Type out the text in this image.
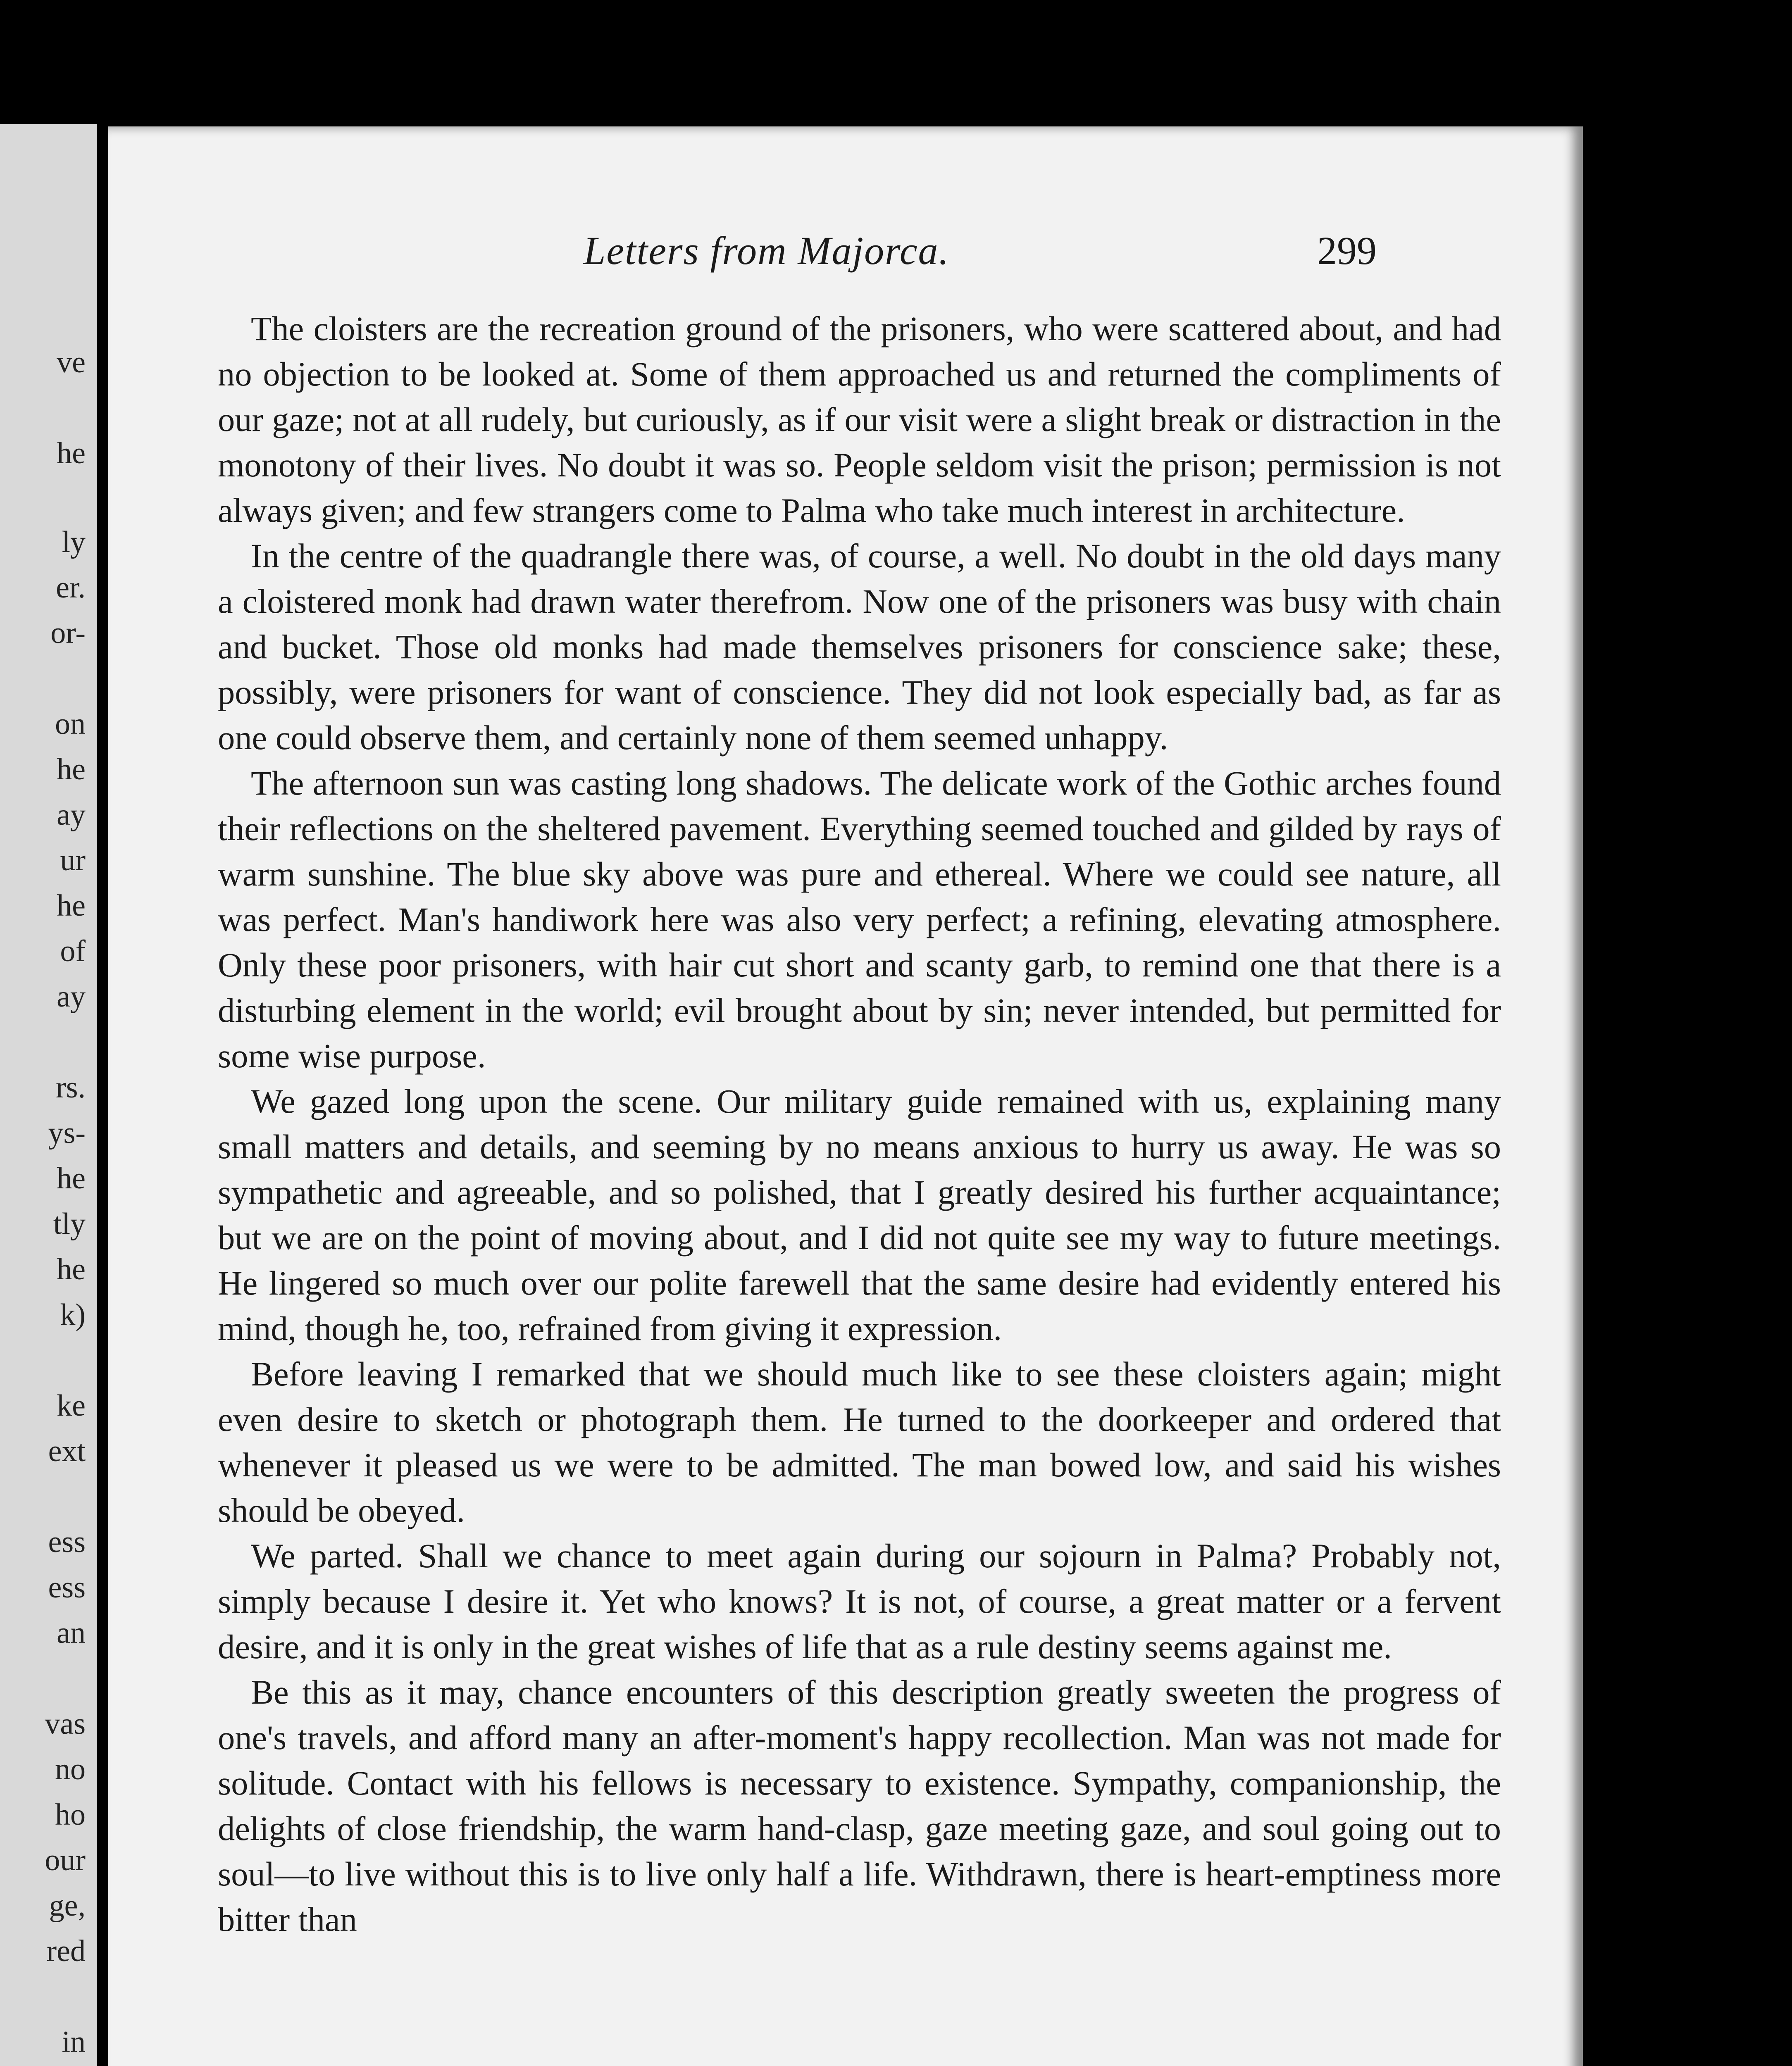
ve
he
ly
er.
or-
on
he
ay
ur
he
of
ay
rs.
ys-
he
tly
he
k)
ke
ext
ess
ess
an
vas
no
ho
our
ge,
red
in
Letters from Majorca.	299

The cloisters are the recreation ground of the prisoners, who were scattered about, and had no objection to be looked at. Some of them approached us and returned the compliments of our gaze; not at all rudely, but curiously, as if our visit were a slight break or distraction in the monotony of their lives. No doubt it was so. People seldom visit the prison; permission is not always given; and few strangers come to Palma who take much interest in architecture.

In the centre of the quadrangle there was, of course, a well. No doubt in the old days many a cloistered monk had drawn water therefrom. Now one of the prisoners was busy with chain and bucket. Those old monks had made themselves prisoners for conscience sake; these, possibly, were prisoners for want of conscience. They did not look especially bad, as far as one could observe them, and certainly none of them seemed unhappy.

The afternoon sun was casting long shadows. The delicate work of the Gothic arches found their reflections on the sheltered pavement. Everything seemed touched and gilded by rays of warm sunshine. The blue sky above was pure and ethereal. Where we could see nature, all was perfect. Man's handiwork here was also very perfect; a refining, elevating atmosphere. Only these poor prisoners, with hair cut short and scanty garb, to remind one that there is a disturbing element in the world; evil brought about by sin; never intended, but permitted for some wise purpose.

We gazed long upon the scene. Our military guide remained with us, explaining many small matters and details, and seeming by no means anxious to hurry us away. He was so sympathetic and agreeable, and so polished, that I greatly desired his further acquaintance; but we are on the point of moving about, and I did not quite see my way to future meetings. He lingered so much over our polite farewell that the same desire had evidently entered his mind, though he, too, refrained from giving it expression.

Before leaving I remarked that we should much like to see these cloisters again; might even desire to sketch or photograph them. He turned to the doorkeeper and ordered that whenever it pleased us we were to be admitted. The man bowed low, and said his wishes should be obeyed.

We parted. Shall we chance to meet again during our sojourn in Palma? Probably not, simply because I desire it. Yet who knows? It is not, of course, a great matter or a fervent desire, and it is only in the great wishes of life that as a rule destiny seems against me.

Be this as it may, chance encounters of this description greatly sweeten the progress of one's travels, and afford many an after-moment's happy recollection. Man was not made for solitude. Contact with his fellows is necessary to existence. Sympathy, companionship, the delights of close friendship, the warm hand-clasp, gaze meeting gaze, and soul going out to soul—to live without this is to live only half a life. Withdrawn, there is heart-emptiness more bitter than
